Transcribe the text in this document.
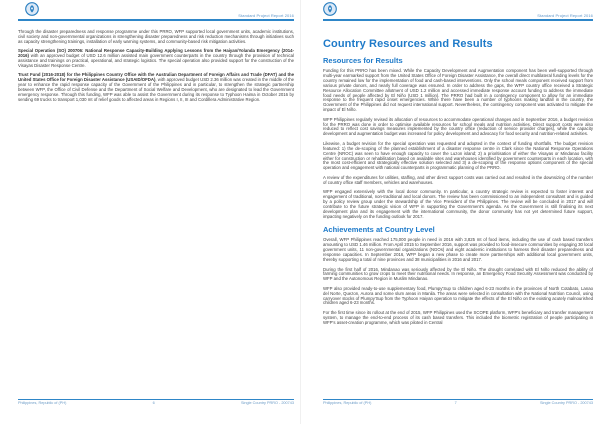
Standard Project Report 2016

Through the disaster preparedness and response programme under this PRRO, WFP supported local government units, academic institutions, civil society and non-governmental organizations in strengthening disaster preparedness and risk reduction mechanisms through initiatives such as capacity strengthening trainings, installation of early warning systems, and community-based risk mitigation activities.

Special Operation (SO) 200706: National Response Capacity-Building Applying Lessons from the Haiyan/Yolanda Emergency (2014-2016) with an approved budget of USD 12.6 million assisted main government counterparts in the country through the provision of technical assistance and trainings on practical, operational, and strategic logistics. The special operation also provided support for the construction of the Visayas Disaster Response Centre.

Trust Fund (2016-2018) for the Philippines Country Office with the Australian Department of Foreign Affairs and Trade (DFAT) and the United States Office for Foreign Disaster Assistance (USAID/OFDA), with approved budget USD 2.36 million was created in the middle of the year to enhance the rapid response capacity of the Government of the Philippines and in particular, to strengthen the strategic partnership between WFP, the Office of Civil Defense and the Department of Social Welfare and Development, who are designated to lead the Government emergency response. Through this funding, WFP was able to assist the Government during its response to Typhoon Haima in October 2016 by sending 69 trucks to transport 1,030 mt of relief goods to affected areas in Regions I, II, III and Cordillera Administrative Region.

Philippines, Republic of (PH)	6	Single Country PRRO - 200743
Standard Project Report 2016
Country Resources and Results
Resources for Results

Funding for this PRRO has been mixed. While the Capacity Development and Augmentation component has been well-supported through multi-year earmarked support from the United States Office of Foreign Disaster Assistance, the overall direct multilateral funding levels for the country remained low for the implementation of food and cash-based interventions. Only the school meals component received support from various private donors, and nearly full coverage was ensured. In order to address the gaps, the WFP country office received a Strategic Resource Allocation Committee allotment of USD 1.2 million and accessed immediate response account funding to address the immediate food needs of people affected by El Niño (USD 1 million). The PRRO had built in a contingency component to allow for an immediate response to the frequent rapid onset emergencies. While there have been a number of typhoons making landfall in the country, the Government of the Philippines did not request international support. Nevertheless, the contingency component was activated to mitigate the impact of El Niño.

WFP Philippines regularly revised its allocation of resources to accommodate operational changes and in September 2016, a budget revision for the PRRO was done in order to optimise available resources for school meals and nutrition activities. Direct support costs were also reduced to reflect cost savings measures implemented by the country office (reduction of service provider charges), while the capacity development and augmentation budget was increased for policy development and advocacy for food security and nutrition-related activities.

Likewise, a budget revision for the special operation was requested and adopted in the context of funding shortfalls. The budget revision featured: 1) the de-scoping of the planned establishment of a disaster response centre in Clark since the National Response Operations Centre (NROC) was seen to have enough capacity to cover the Luzon island; 2) a prioritisation of either the Visayas or Mindanao facility either for construction or rehabilitation based on available sites and warehouses identified by government counterparts in each location, with the most cost-efficient and strategically effective solution selected and 3) a de-scoping of the response options component of the special operation and engagement with national counterparts in programmatic planning of the PRRO.

A review of the expenditures for utilities, staffing, and other direct support costs was carried out and resulted in the downsizing of the number of country office staff members, vehicles and warehouses.

WFP engaged extensively with the local donor community. In particular, a country strategic review is expected to foster interest and engagement of traditional, non-traditional and local donors. The review has been commissioned to an independent consultant and is guided by a policy review group under the stewardship of the Vice President of the Philippines. The review will be concluded in 2017 and will contribute to the future strategic vision of WFP in supporting the Government's agenda. As the Government is still finalising its next development plan and its engagement with the international community, the donor community has not yet determined future support, impacting negatively on the funding outlook for 2017.

Achievements at Country Level

Overall, WFP Philippines reached 175,000 people in need in 2016 with 3,825 mt of food items, including the use of cash based transfers amounting to USD 1.46 million. From April 2015 to September 2016, support was provided to food-insecure communities by engaging 30 local government units, 11 non-governmental organizations (NGOs) and eight academic institutions to harness their disaster preparedness and response capacities. In September 2016, WFP began a new phase to create more partnerships with additional local government units, thereby supporting a total of nine provinces and 38 municipalities in 2016 and 2017.

During the first half of 2016, Mindanao was seriously affected by the El Niño. The drought correlated with El Niño reduced the ability of farming communities to grow crops to meet their nutritional needs. In response, an Emergency Food Security Assessment was conducted by WFP and the Autonomous Region in Muslim Mindanao.

WFP also provided ready-to-use supplementary food, Plumpy'Sup to children aged 6-23 months in the provinces of North Cotabato, Lanao del Norte, Quezon, Aurora and some slum areas in Manila. The areas were selected in consultation with the National Nutrition Council, using carryover stocks of Plumpy'Sup from the Typhoon Haiyan operation to mitigate the effects of the El Niño on the existing acutely malnourished children aged 6-23 months.

For the first time since its rollout at the end of 2015, WFP Philippines used the SCOPE platform, WFP's beneficiary and transfer management system, to manage the end-to-end process of its cash based transfers. This included the biometric registration of people participating in WFP's asset-creation programme, which was piloted in Central

Philippines, Republic of (PH)	7	Single Country PRRO - 200743
